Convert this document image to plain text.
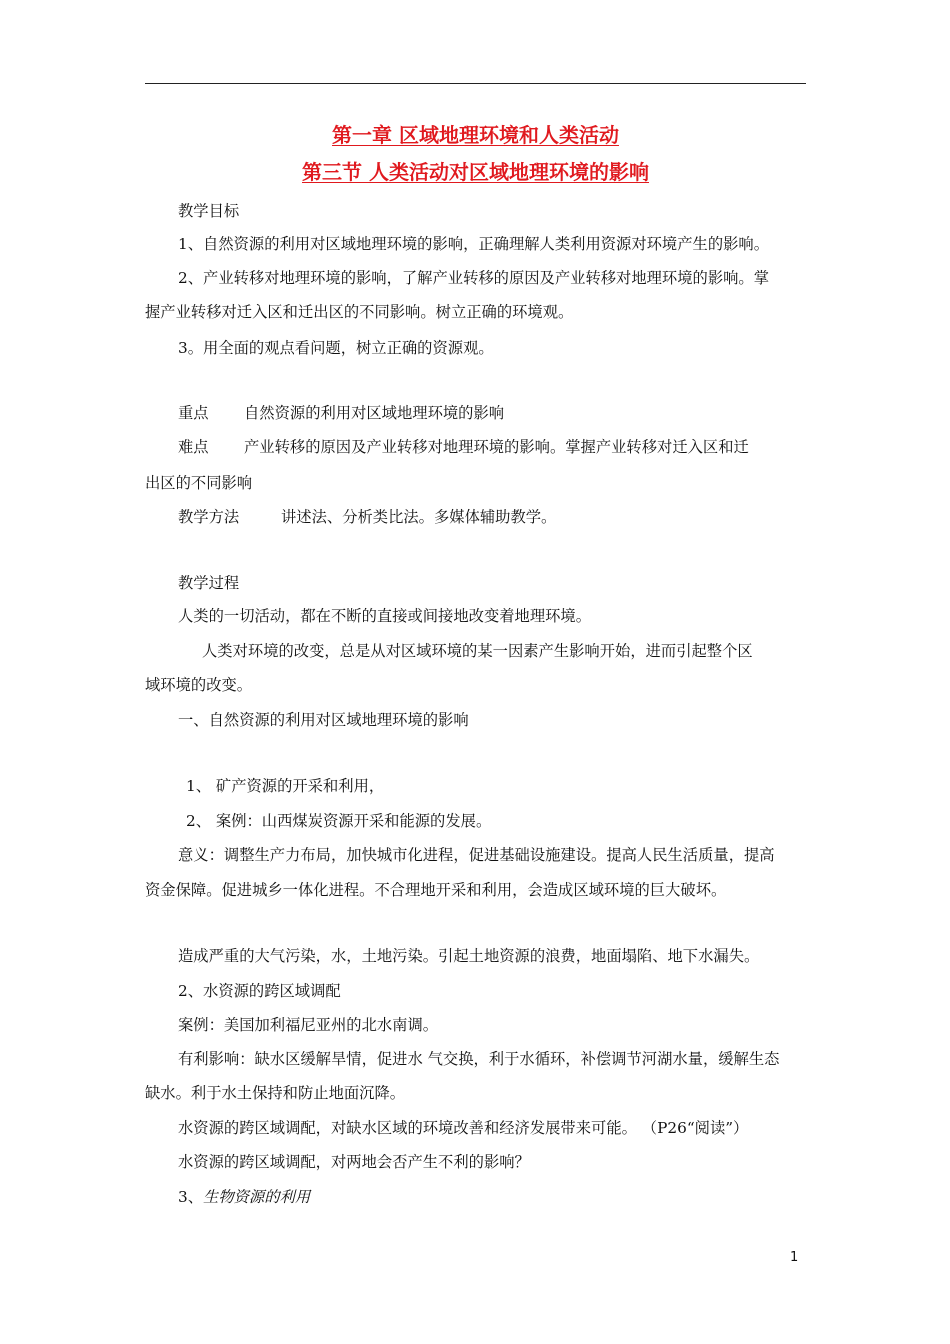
第一章 区域地理环境和人类活动
第三节 人类活动对区域地理环境的影响
教学目标
1、自然资源的利用对区域地理环境的影响，正确理解人类利用资源对环境产生的影响。
2、产业转移对地理环境的影响，了解产业转移的原因及产业转移对地理环境的影响。掌
握产业转移对迁入区和迁出区的不同影响。树立正确的环境观。
3。用全面的观点看问题，树立正确的资源观。
重点 自然资源的利用对区域地理环境的影响
难点 产业转移的原因及产业转移对地理环境的影响。掌握产业转移对迁入区和迁
出区的不同影响
教学方法	讲述法、分析类比法。多媒体辅助教学。
教学过程
人类的一切活动，都在不断的直接或间接地改变着地理环境。
人类对环境的改变，总是从对区域环境的某一因素产生影响开始，进而引起整个区
域环境的改变。
一、自然资源的利用对区域地理环境的影响
1、 矿产资源的开采和利用，
2、 案例：山西煤炭资源开采和能源的发展。
意义：调整生产力布局，加快城市化进程，促进基础设施建设。提高人民生活质量，提高
资金保障。促进城乡一体化进程。不合理地开采和利用，会造成区域环境的巨大破坏。
造成严重的大气污染，水，土地污染。引起土地资源的浪费，地面塌陷、地下水漏失。
2、水资源的跨区域调配
案例：美国加利福尼亚州的北水南调。
有利影响：缺水区缓解旱情，促进水 气交换，利于水循环，补偿调节河湖水量，缓解生态
缺水。利于水土保持和防止地面沉降。
水资源的跨区域调配，对缺水区域的环境改善和经济发展带来可能。 （P26“阅读”）
水资源的跨区域调配，对两地会否产生不利的影响？
3、生物资源的利用
1
